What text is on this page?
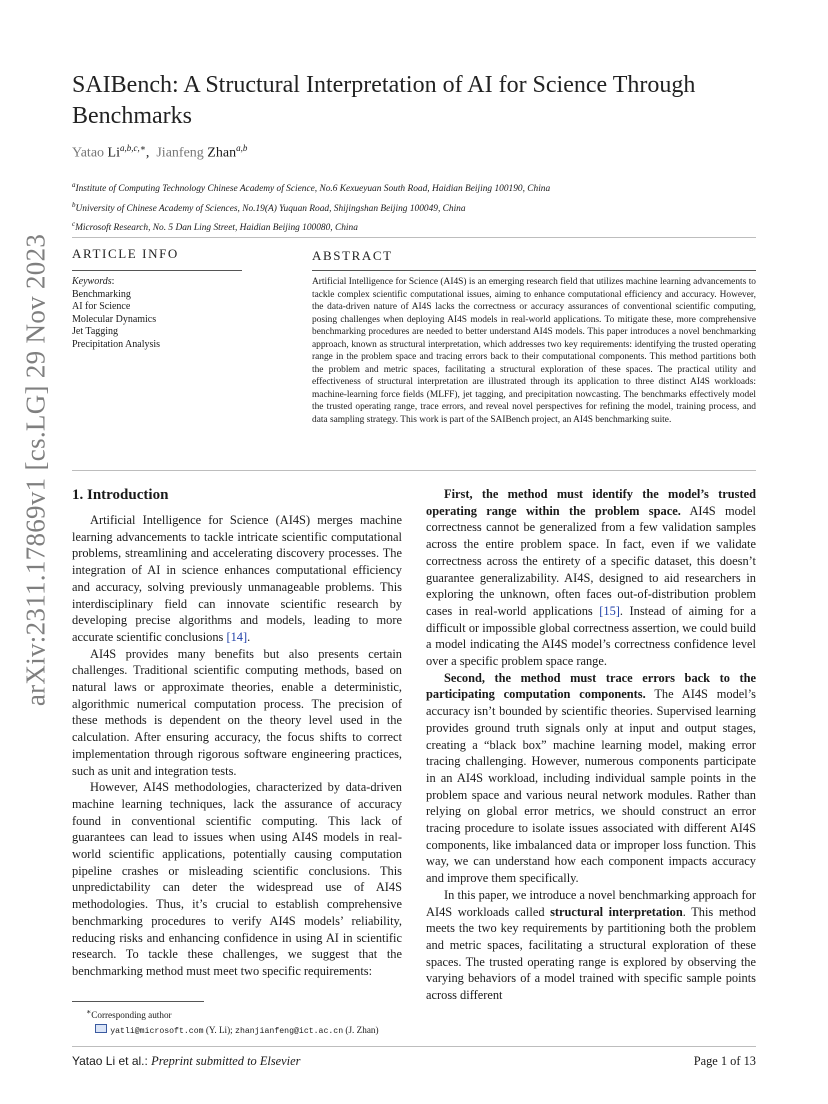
arXiv:2311.17869v1 [cs.LG] 29 Nov 2023
SAIBench: A Structural Interpretation of AI for Science Through Benchmarks
Yatao $Li^{a,b,c,∗}$, Jianfeng Zhan$^{a,b}$
$^a$Institute of Computing Technology Chinese Academy of Science, No.6 Kexueyuan South Road, Haidian Beijing 100190, China
$^b$University of Chinese Academy of Sciences, No.19(A) Yuquan Road, Shijingshan Beijing 100049, China
$^c$Microsoft Research, No. 5 Dan Ling Street, Haidian Beijing 100080, China
ARTICLE INFO
Keywords:
Benchmarking
AI for Science
Molecular Dynamics
Jet Tagging
Precipitation Analysis
ABSTRACT
Artificial Intelligence for Science (AI4S) is an emerging research field that utilizes machine learning advancements to tackle complex scientific computational issues, aiming to enhance computational efficiency and accuracy. However, the data-driven nature of AI4S lacks the correctness or accuracy assurances of conventional scientific computing, posing challenges when deploying AI4S models in real-world applications. To mitigate these, more comprehensive benchmarking procedures are needed to better understand AI4S models. This paper introduces a novel benchmarking approach, known as structural interpretation, which addresses two key requirements: identifying the trusted operating range in the problem space and tracing errors back to their computational components. This method partitions both the problem and metric spaces, facilitating a structural exploration of these spaces. The practical utility and effectiveness of structural interpretation are illustrated through its application to three distinct AI4S workloads: machine-learning force fields (MLFF), jet tagging, and precipitation nowcasting. The benchmarks effectively model the trusted operating range, trace errors, and reveal novel perspectives for refining the model, training process, and data sampling strategy. This work is part of the SAIBench project, an AI4S benchmarking suite.
1. Introduction

Artificial Intelligence for Science (AI4S) merges machine learning advancements to tackle intricate scientific computational problems, streamlining and accelerating discovery processes. The integration of AI in science enhances computational efficiency and accuracy, solving previously unmanageable problems. This interdisciplinary field can innovate scientific research by developing precise algorithms and models, leading to more accurate scientific conclusions [14].

AI4S provides many benefits but also presents certain challenges. Traditional scientific computing methods, based on natural laws or approximate theories, enable a deterministic, algorithmic numerical computation process. The precision of these methods is dependent on the theory level used in the calculation. After ensuring accuracy, the focus shifts to correct implementation through rigorous software engineering practices, such as unit and integration tests.

However, AI4S methodologies, characterized by data-driven machine learning techniques, lack the assurance of accuracy found in conventional scientific computing. This lack of guarantees can lead to issues when using AI4S models in real-world scientific applications, potentially causing computation pipeline crashes or misleading scientific conclusions. This unpredictability can deter the widespread use of AI4S methodologies. Thus, it’s crucial to establish comprehensive benchmarking procedures to verify AI4S models’ reliability, reducing risks and enhancing confidence in using AI in scientific research. To tackle these challenges, we suggest that the benchmarking method must meet two specific requirements:

First, the method must identify the model’s trusted operating range within the problem space. AI4S model correctness cannot be generalized from a few validation samples across the entire problem space. In fact, even if we validate correctness across the entirety of a specific dataset, this doesn’t guarantee generalizability. AI4S, designed to aid researchers in exploring the unknown, often faces out-of-distribution problem cases in real-world applications [15]. Instead of aiming for a difficult or impossible global correctness assertion, we could build a model indicating the AI4S model’s correctness confidence level over a specific problem space range.

Second, the method must trace errors back to the participating computation components. The AI4S model’s accuracy isn’t bounded by scientific theories. Supervised learning provides ground truth signals only at input and output stages, creating a “black box” machine learning model, making error tracing challenging. However, numerous components participate in an AI4S workload, including individual sample points in the problem space and various neural network modules. Rather than relying on global error metrics, we should construct an error tracing procedure to isolate issues associated with different AI4S components, like imbalanced data or improper loss function. This way, we can understand how each component impacts accuracy and improve them specifically.

In this paper, we introduce a novel benchmarking approach for AI4S workloads called structural interpretation. This method meets the two key requirements by partitioning both the problem and metric spaces, facilitating a structural exploration of these spaces. The trusted operating range is explored by observing the varying behaviors of a model trained with specific sample points across different

∗Corresponding author
yatli@microsoft.com (Y. Li); zhanjianfeng@ict.ac.cn (J. Zhan)
Yatao Li et al.: Preprint submitted to Elsevier	Page 1 of 13
